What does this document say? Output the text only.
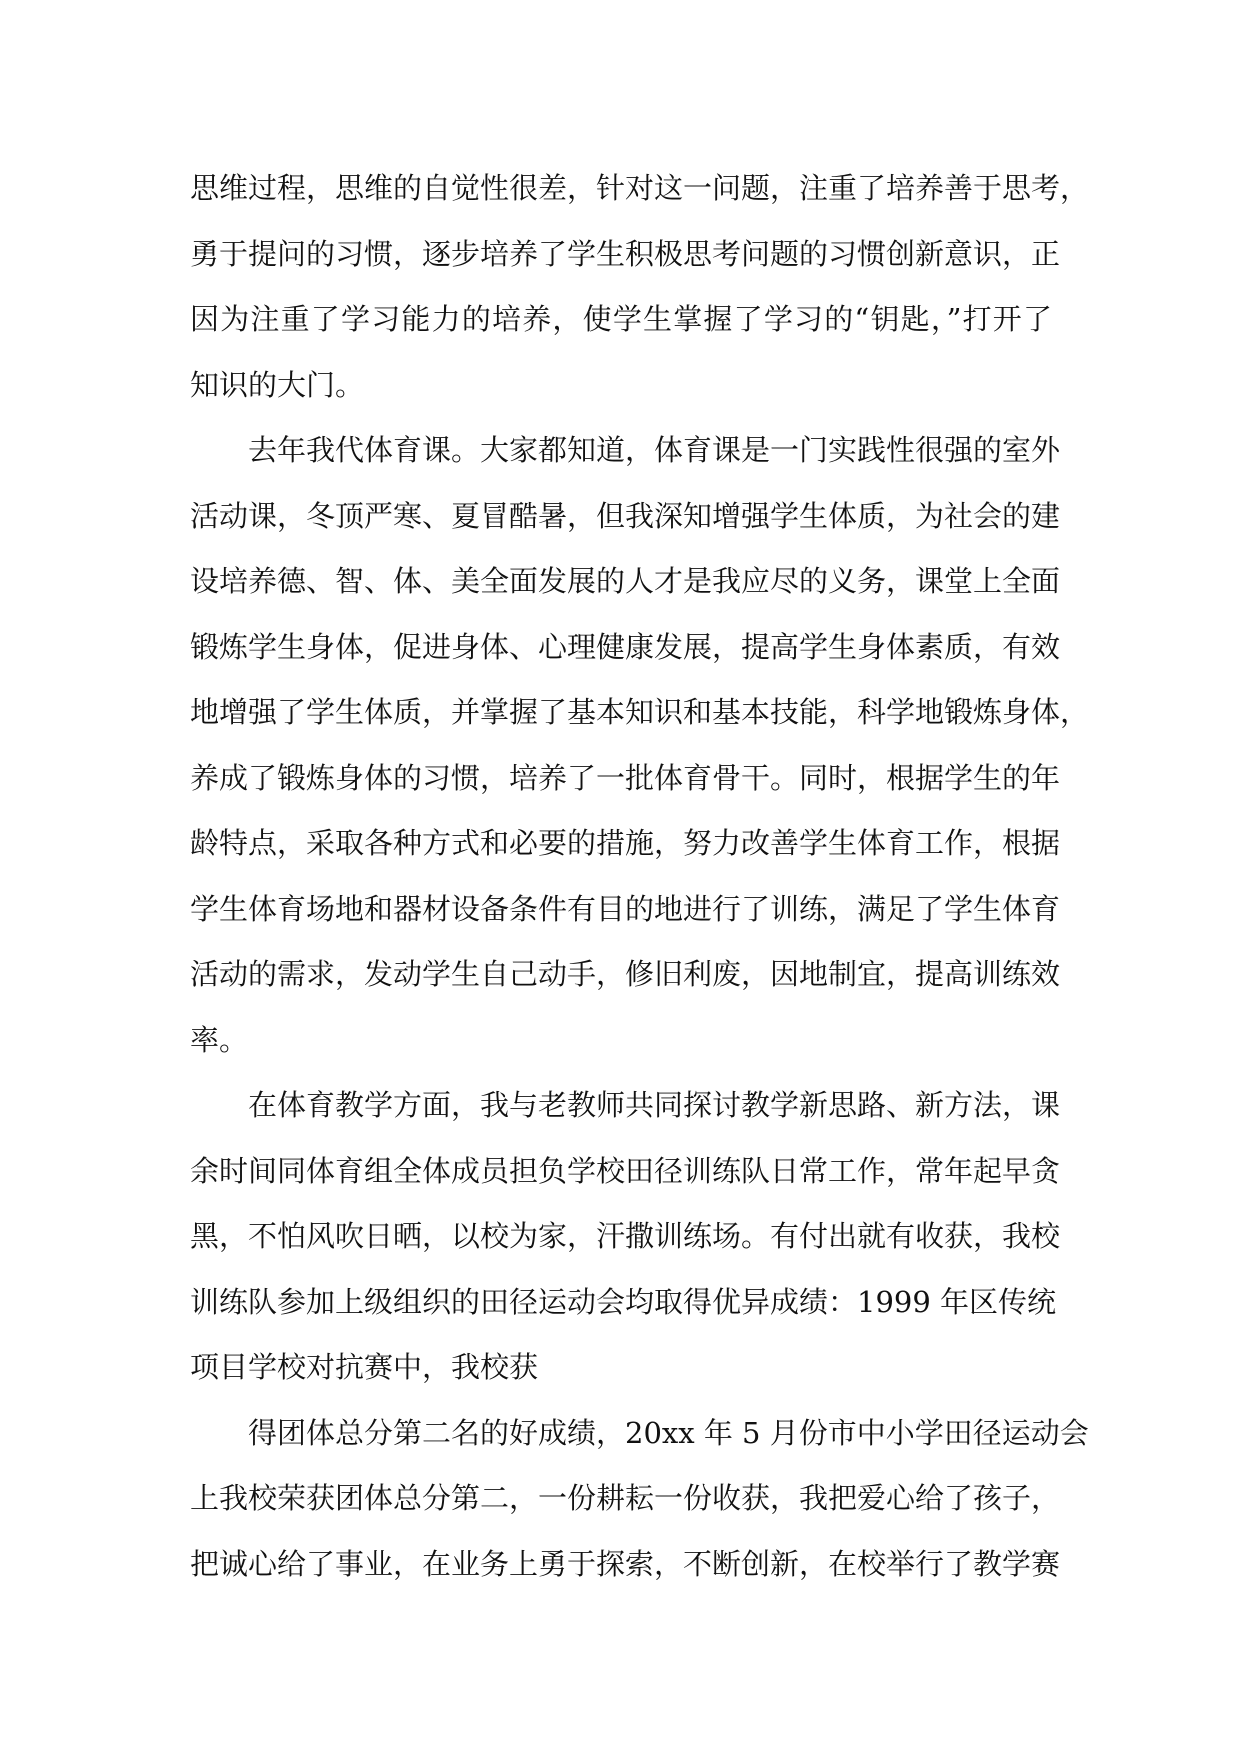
思维过程，思维的自觉性很差，针对这一问题，注重了培养善于思考，
勇于提问的习惯，逐步培养了学生积极思考问题的习惯创新意识，正
因为注重了学习能力的培养，使学生掌握了学习的“钥匙，”打开了
知识的大门。
去年我代体育课。大家都知道，体育课是一门实践性很强的室外
活动课，冬顶严寒、夏冒酷暑，但我深知增强学生体质，为社会的建
设培养德、智、体、美全面发展的人才是我应尽的义务，课堂上全面
锻炼学生身体，促进身体、心理健康发展，提高学生身体素质，有效
地增强了学生体质，并掌握了基本知识和基本技能，科学地锻炼身体，
养成了锻炼身体的习惯，培养了一批体育骨干。同时，根据学生的年
龄特点，采取各种方式和必要的措施，努力改善学生体育工作，根据
学生体育场地和器材设备条件有目的地进行了训练，满足了学生体育
活动的需求，发动学生自己动手，修旧利废，因地制宜，提高训练效
率。
在体育教学方面，我与老教师共同探讨教学新思路、新方法，课
余时间同体育组全体成员担负学校田径训练队日常工作，常年起早贪
黑，不怕风吹日晒，以校为家，汗撒训练场。有付出就有收获，我校
训练队参加上级组织的田径运动会均取得优异成绩：1999 年区传统
项目学校对抗赛中，我校获
得团体总分第二名的好成绩，20xx 年 5 月份市中小学田径运动会
上我校荣获团体总分第二，一份耕耘一份收获，我把爱心给了孩子，
把诚心给了事业，在业务上勇于探索，不断创新，在校举行了教学赛
